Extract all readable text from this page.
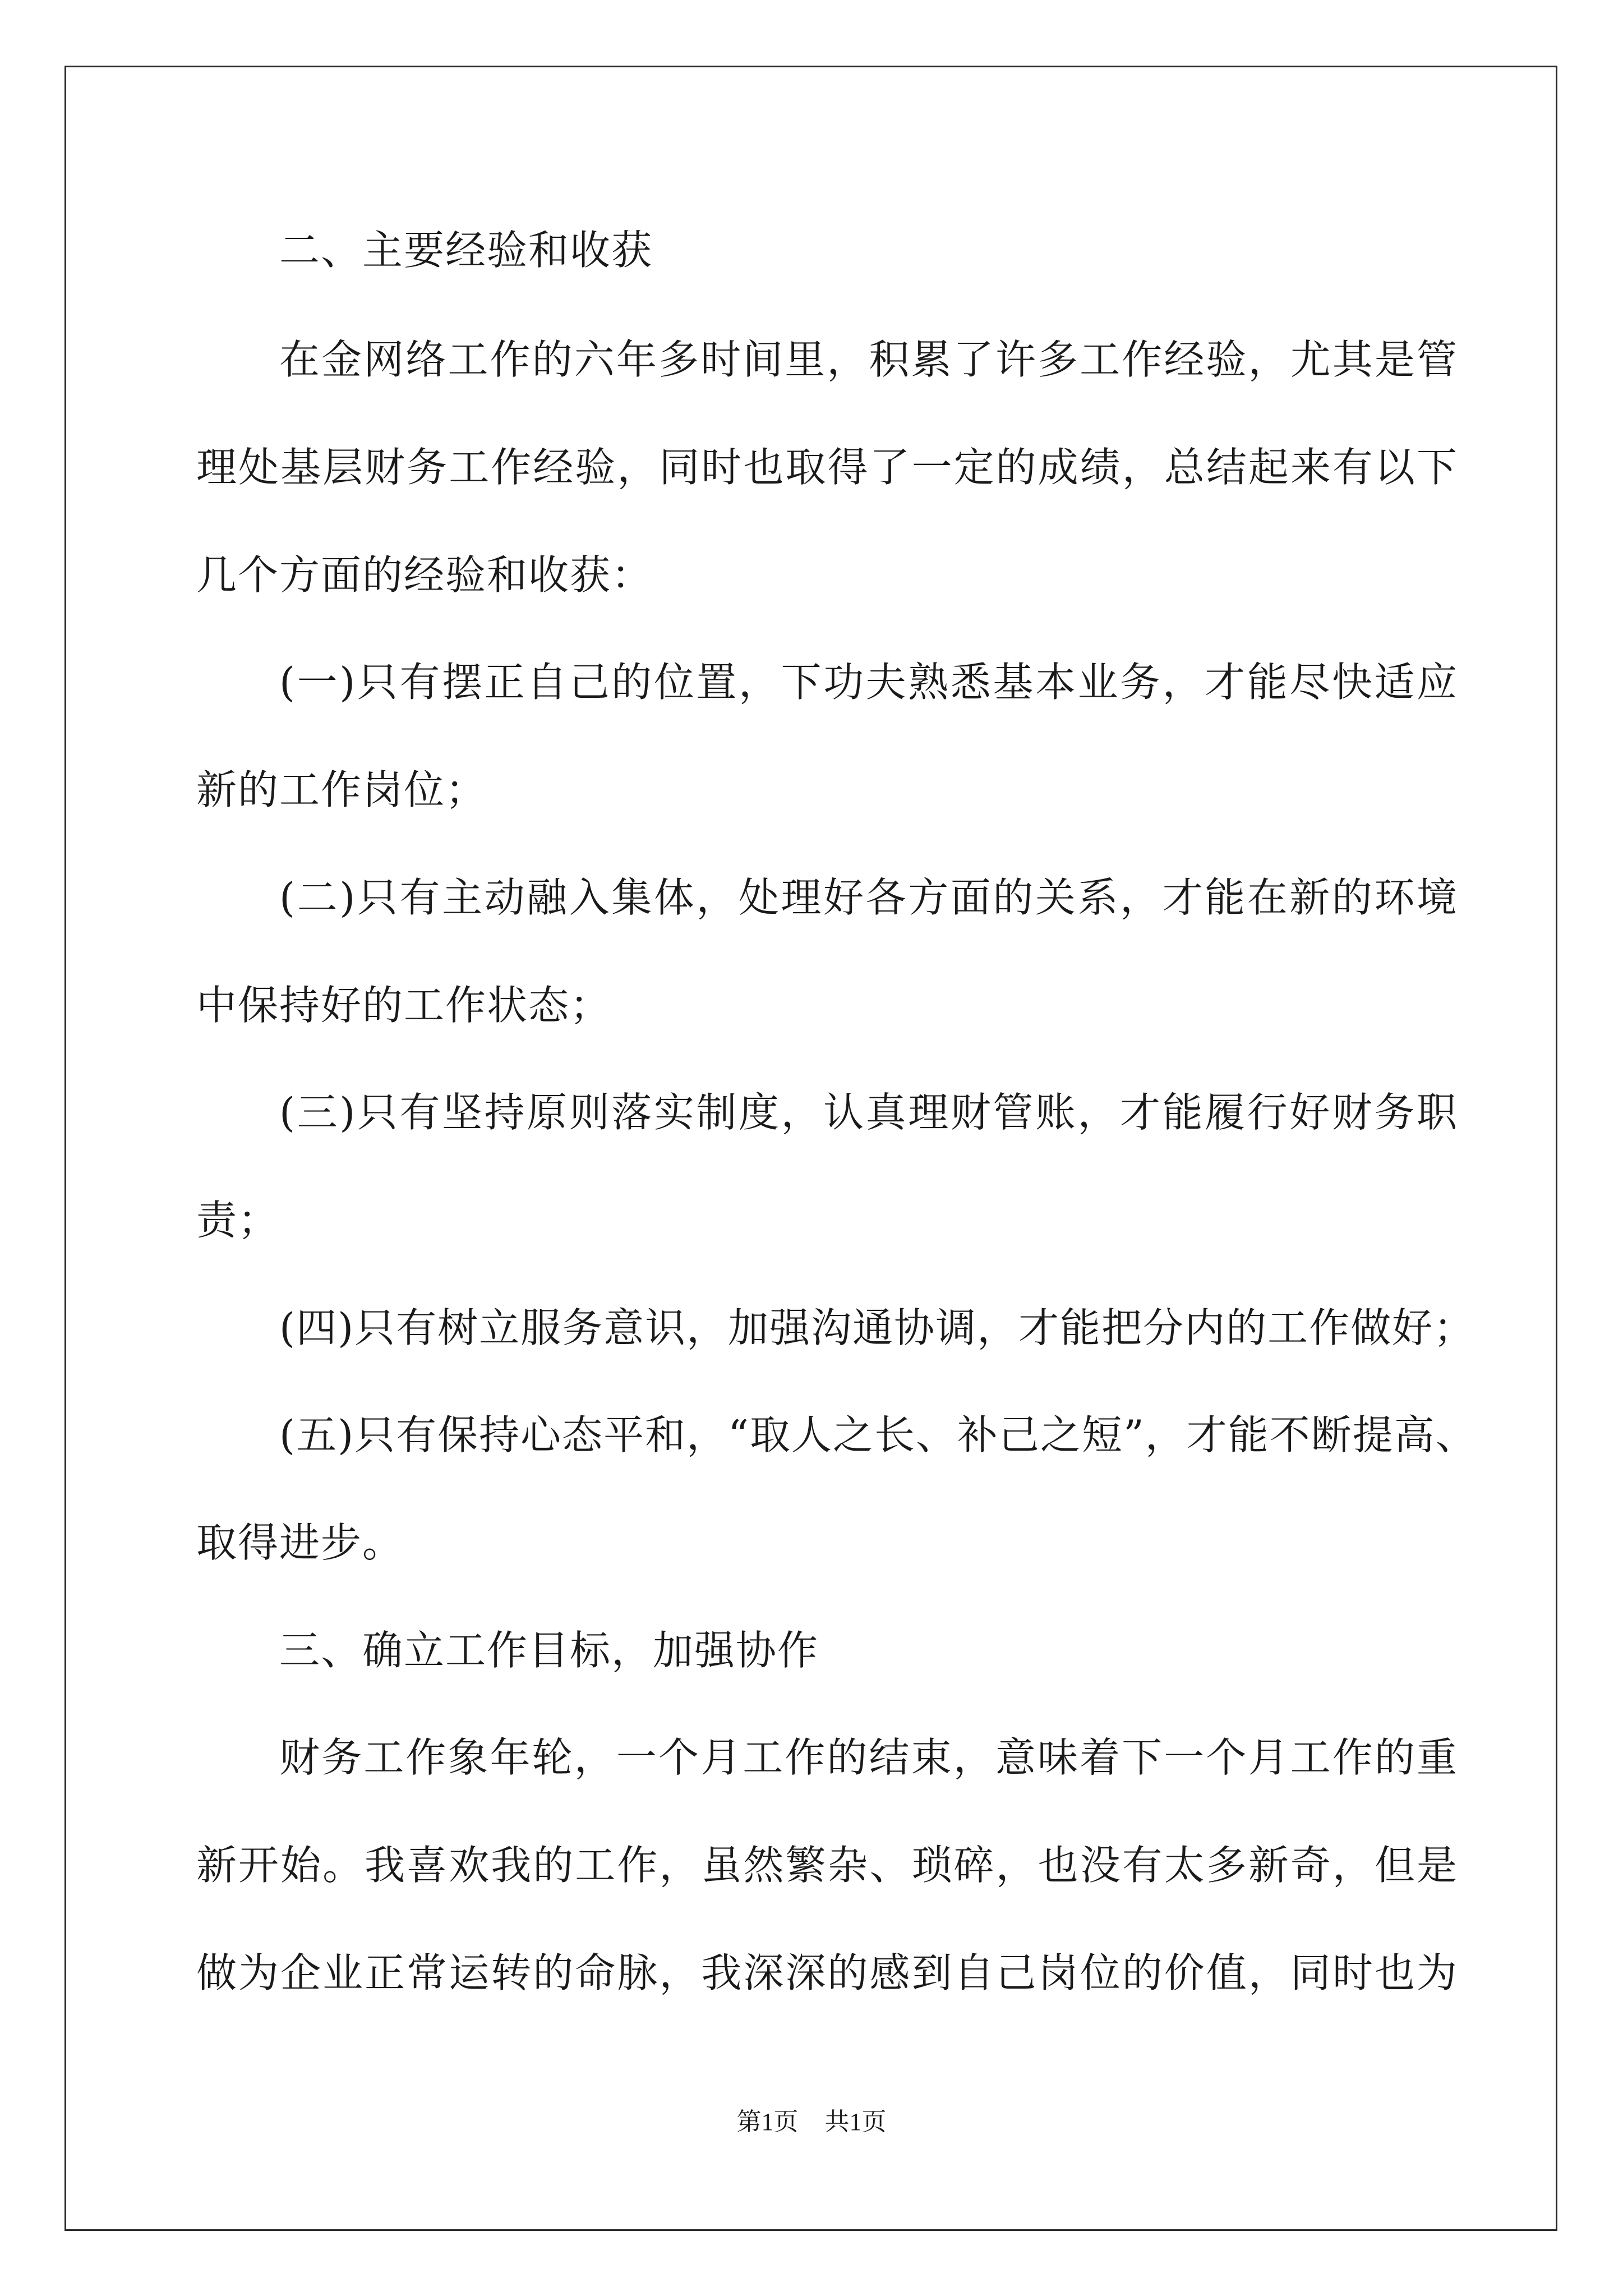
二、主要经验和收获
在金网络工作的六年多时间里，积累了许多工作经验，尤其是管
理处基层财务工作经验，同时也取得了一定的成绩，总结起来有以下
几个方面的经验和收获：
(一)只有摆正自己的位置，下功夫熟悉基本业务，才能尽快适应
新的工作岗位；
(二)只有主动融入集体，处理好各方面的关系，才能在新的环境
中保持好的工作状态；
(三)只有坚持原则落实制度，认真理财管账，才能履行好财务职
责；
(四)只有树立服务意识，加强沟通协调，才能把分内的工作做好；
(五)只有保持心态平和，“取人之长、补己之短”，才能不断提高、
取得进步。
三、确立工作目标，加强协作
财务工作象年轮，一个月工作的结束，意味着下一个月工作的重
新开始。我喜欢我的工作，虽然繁杂、琐碎，也没有太多新奇，但是
做为企业正常运转的命脉，我深深的感到自己岗位的价值，同时也为
第1页 共1页
